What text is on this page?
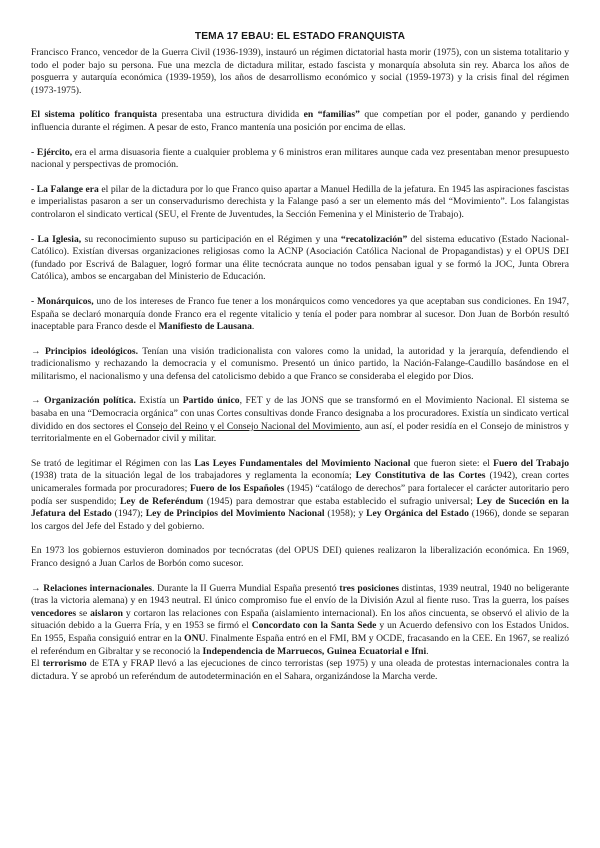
TEMA 17 EBAU: EL ESTADO FRANQUISTA

Francisco Franco, vencedor de la Guerra Civil (1936-1939), instauró un régimen dictatorial hasta morir (1975), con un sistema totalitario y todo el poder bajo su persona. Fue una mezcla de dictadura militar, estado fascista y monarquía absoluta sin rey. Abarca los años de posguerra y autarquía económica (1939-1959), los años de desarrollismo económico y social (1959-1973) y la crisis final del régimen (1973-1975).

El sistema político franquista presentaba una estructura dividida en “familias” que competían por el poder, ganando y perdiendo influencia durante el régimen. A pesar de esto, Franco mantenía una posición por encima de ellas.

- Ejército, era el arma disuasoria fiente a cualquier problema y 6 ministros eran militares aunque cada vez presentaban menor presupuesto nacional y perspectivas de promoción.

- La Falange era el pilar de la dictadura por lo que Franco quiso apartar a Manuel Hedilla de la jefatura. En 1945 las aspiraciones fascistas e imperialistas pasaron a ser un conservadurismo derechista y la Falange pasó a ser un elemento más del “Movimiento”. Los falangistas controlaron el sindicato vertical (SEU, el Frente de Juventudes, la Sección Femenina y el Ministerio de Trabajo).

- La Iglesia, su reconocimiento supuso su participación en el Régimen y una “recatolización” del sistema educativo (Estado Nacional-Católico). Existían diversas organizaciones religiosas como la ACNP (Asociación Católica Nacional de Propagandistas) y el OPUS DEI (fundado por Escrivá de Balaguer, logró formar una élite tecnócrata aunque no todos pensaban igual y se formó la JOC, Junta Obrera Católica), ambos se encargaban del Ministerio de Educación.

- Monárquicos, uno de los intereses de Franco fue tener a los monárquicos como vencedores ya que aceptaban sus condiciones. En 1947, España se declaró monarquía donde Franco era el regente vitalicio y tenía el poder para nombrar al sucesor. Don Juan de Borbón resultó inaceptable para Franco desde el Manifiesto de Lausana.

→ Principios ideológicos. Tenían una visión tradicionalista con valores como la unidad, la autoridad y la jerarquía, defendiendo el tradicionalismo y rechazando la democracia y el comunismo. Presentó un único partido, la Nación-Falange-Caudillo basándose en el militarismo, el nacionalismo y una defensa del catolicismo debido a que Franco se consideraba el elegido por Dios.

→ Organización política. Existía un Partido único, FET y de las JONS que se transformó en el Movimiento Nacional. El sistema se basaba en una “Democracia orgánica” con unas Cortes consultivas donde Franco designaba a los procuradores. Existía un sindicato vertical dividido en dos sectores el Consejo del Reino y el Consejo Nacional del Movimiento, aun así, el poder residía en el Consejo de ministros y territorialmente en el Gobernador civil y militar.

Se trató de legitimar el Régimen con las Las Leyes Fundamentales del Movimiento Nacional que fueron siete: el Fuero del Trabajo (1938) trata de la situación legal de los trabajadores y reglamenta la economía; Ley Constitutiva de las Cortes (1942), crean cortes unicamerales formada por procuradores; Fuero de los Españoles (1945) “catálogo de derechos” para fortalecer el carácter autoritario pero podía ser suspendido; Ley de Referéndum (1945) para demostrar que estaba establecido el sufragio universal; Ley de Suceción en la Jefatura del Estado (1947); Ley de Principios del Movimiento Nacional (1958); y Ley Orgánica del Estado (1966), donde se separan los cargos del Jefe del Estado y del gobierno.

En 1973 los gobiernos estuvieron dominados por tecnócratas (del OPUS DEI) quienes realizaron la liberalización económica. En 1969, Franco designó a Juan Carlos de Borbón como sucesor.

→ Relaciones internacionales. Durante la II Guerra Mundial España presentó tres posiciones distintas, 1939 neutral, 1940 no beligerante (tras la victoria alemana) y en 1943 neutral. El único compromiso fue el envío de la División Azul al fiente ruso. Tras la guerra, los países vencedores se aislaron y cortaron las relaciones con España (aislamiento internacional). En los años cincuenta, se observó el alivio de la situación debido a la Guerra Fría, y en 1953 se firmó el Concordato con la Santa Sede y un Acuerdo defensivo con los Estados Unidos. En 1955, España consiguió entrar en la ONU. Finalmente España entró en el FMI, BM y OCDE, fracasando en la CEE. En 1967, se realizó el referéndum en Gibraltar y se reconoció la Independencia de Marruecos, Guinea Ecuatorial e Ifni.

El terrorismo de ETA y FRAP llevó a las ejecuciones de cinco terroristas (sep 1975) y una oleada de protestas internacionales contra la dictadura. Y se aprobó un referéndum de autodeterminación en el Sahara, organizándose la Marcha verde.
